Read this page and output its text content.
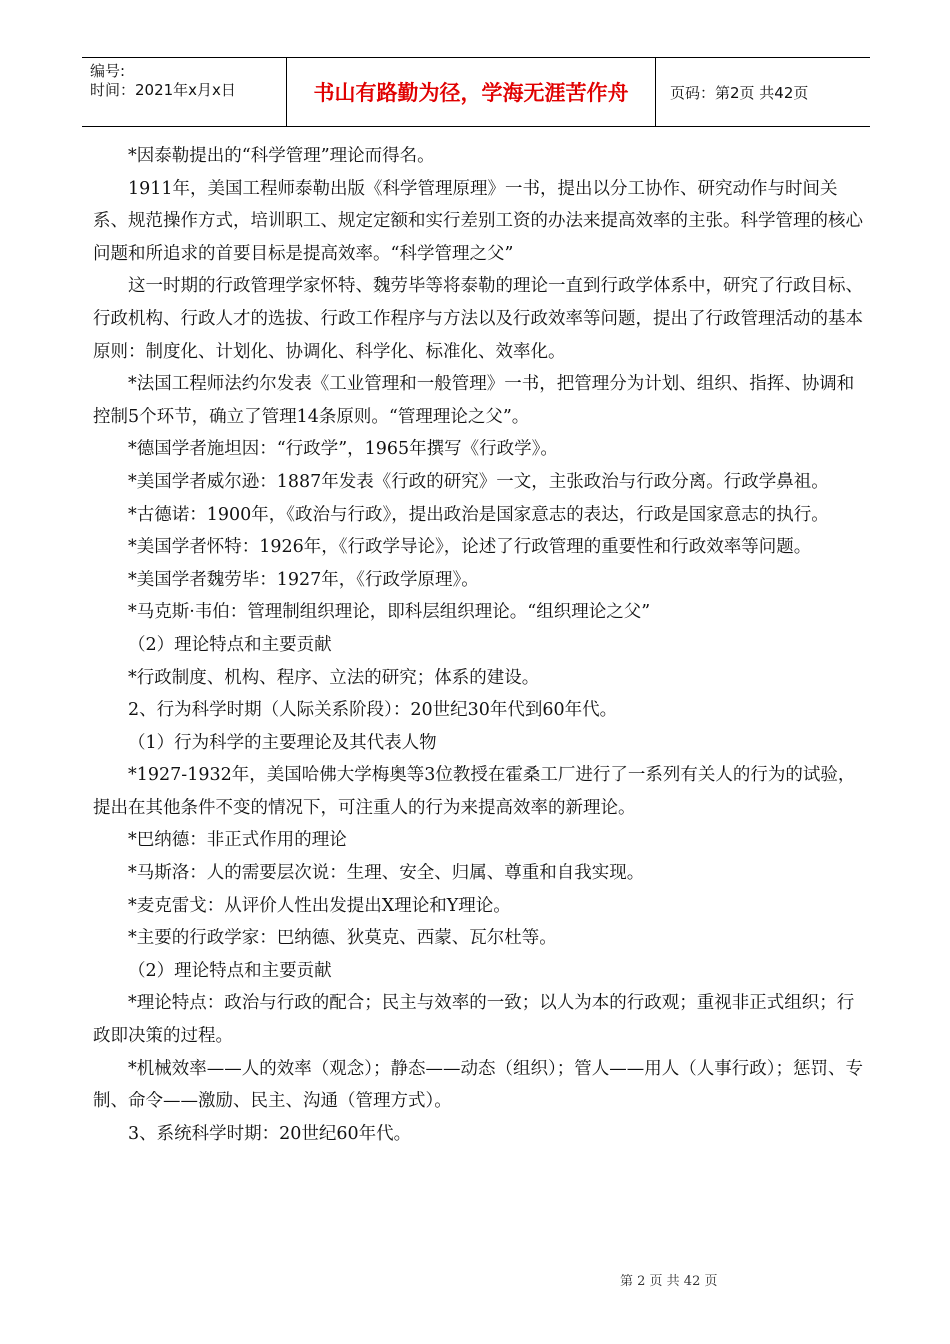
编号:
时间：2021年x月x日	书山有路勤为径，学海无涯苦作舟	页码：第2页 共42页

*因泰勒提出的“科学管理”理论而得名。

1911年，美国工程师泰勒出版《科学管理原理》一书，提出以分工协作、研究动作与时间关系、规范操作方式，培训职工、规定定额和实行差别工资的办法来提高效率的主张。科学管理的核心问题和所追求的首要目标是提高效率。“科学管理之父”

这一时期的行政管理学家怀特、魏劳毕等将泰勒的理论一直到行政学体系中，研究了行政目标、行政机构、行政人才的选拔、行政工作程序与方法以及行政效率等问题，提出了行政管理活动的基本原则：制度化、计划化、协调化、科学化、标准化、效率化。

*法国工程师法约尔发表《工业管理和一般管理》一书，把管理分为计划、组织、指挥、协调和控制5个环节，确立了管理14条原则。“管理理论之父”。

*德国学者施坦因：“行政学”，1965年撰写《行政学》。

*美国学者威尔逊：1887年发表《行政的研究》一文，主张政治与行政分离。行政学鼻祖。

*古德诺：1900年，《政治与行政》，提出政治是国家意志的表达，行政是国家意志的执行。

*美国学者怀特：1926年，《行政学导论》，论述了行政管理的重要性和行政效率等问题。

*美国学者魏劳毕：1927年，《行政学原理》。

*马克斯·韦伯：管理制组织理论，即科层组织理论。“组织理论之父”

（2）理论特点和主要贡献

*行政制度、机构、程序、立法的研究；体系的建设。

2、行为科学时期（人际关系阶段）：20世纪30年代到60年代。

（1）行为科学的主要理论及其代表人物

*1927-1932年，美国哈佛大学梅奥等3位教授在霍桑工厂进行了一系列有关人的行为的试验，提出在其他条件不变的情况下，可注重人的行为来提高效率的新理论。

*巴纳德：非正式作用的理论

*马斯洛：人的需要层次说：生理、安全、归属、尊重和自我实现。

*麦克雷戈：从评价人性出发提出X理论和Y理论。

*主要的行政学家：巴纳德、狄莫克、西蒙、瓦尔杜等。

（2）理论特点和主要贡献

*理论特点：政治与行政的配合；民主与效率的一致；以人为本的行政观；重视非正式组织；行政即决策的过程。

*机械效率——人的效率（观念）；静态——动态（组织）；管人——用人（人事行政）；惩罚、专制、命令——激励、民主、沟通（管理方式）。

3、系统科学时期：20世纪60年代。

第 2 页 共 42 页
